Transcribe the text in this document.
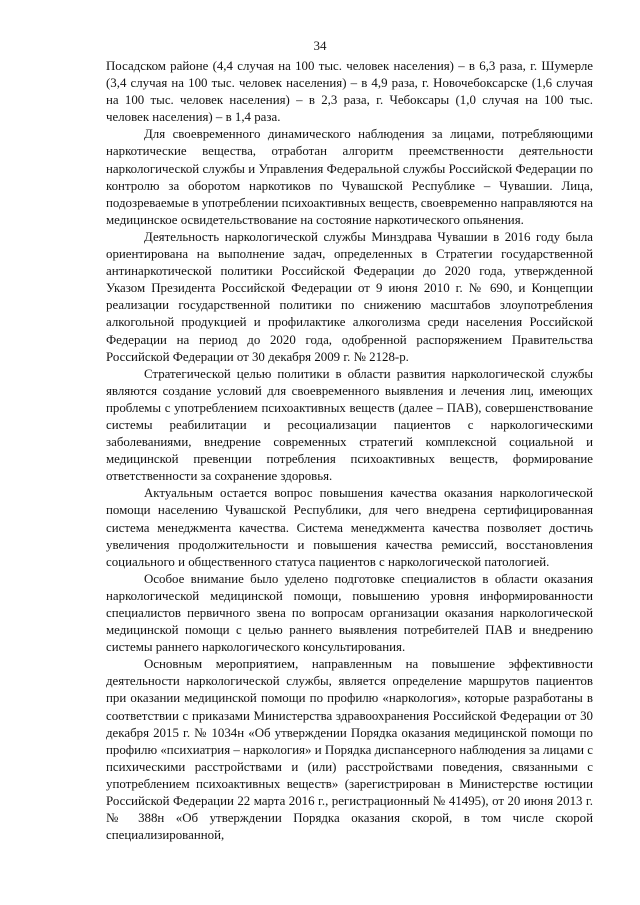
34

Посадском районе (4,4 случая на 100 тыс. человек населения) – в 6,3 раза, г. Шумерле (3,4 случая на 100 тыс. человек населения) – в 4,9 раза, г. Новочебоксарске (1,6 случая на 100 тыс. человек населения) – в 2,3 раза, г. Чебоксары (1,0 случая на 100 тыс. человек населения) – в 1,4 раза.

Для своевременного динамического наблюдения за лицами, потребляющими наркотические вещества, отработан алгоритм преемственности деятельности наркологической службы и Управления Федеральной службы Российской Федерации по контролю за оборотом наркотиков по Чувашской Республике – Чувашии. Лица, подозреваемые в употреблении психоактивных веществ, своевременно направляются на медицинское освидетельствование на состояние наркотического опьянения.

Деятельность наркологической службы Минздрава Чувашии в 2016 году была ориентирована на выполнение задач, определенных в Стратегии государственной антинаркотической политики Российской Федерации до 2020 года, утвержденной Указом Президента Российской Федерации от 9 июня 2010 г. № 690, и Концепции реализации государственной политики по снижению масштабов злоупотребления алкогольной продукцией и профилактике алкоголизма среди населения Российской Федерации на период до 2020 года, одобренной распоряжением Правительства Российской Федерации от 30 декабря 2009 г. № 2128-р.

Стратегической целью политики в области развития наркологической службы являются создание условий для своевременного выявления и лечения лиц, имеющих проблемы с употреблением психоактивных веществ (далее – ПАВ), совершенствование системы реабилитации и ресоциализации пациентов с наркологическими заболеваниями, внедрение современных стратегий комплексной социальной и медицинской превенции потребления психоактивных веществ, формирование ответственности за сохранение здоровья.

Актуальным остается вопрос повышения качества оказания наркологической помощи населению Чувашской Республики, для чего внедрена сертифицированная система менеджмента качества. Система менеджмента качества позволяет достичь увеличения продолжительности и повышения качества ремиссий, восстановления социального и общественного статуса пациентов с наркологической патологией.

Особое внимание было уделено подготовке специалистов в области оказания наркологической медицинской помощи, повышению уровня информированности специалистов первичного звена по вопросам организации оказания наркологической медицинской помощи с целью раннего выявления потребителей ПАВ и внедрению системы раннего наркологического консультирования.

Основным мероприятием, направленным на повышение эффективности деятельности наркологической службы, является определение маршрутов пациентов при оказании медицинской помощи по профилю «наркология», которые разработаны в соответствии с приказами Министерства здравоохранения Российской Федерации от 30 декабря 2015 г. № 1034н «Об утверждении Порядка оказания медицинской помощи по профилю «психиатрия – наркология» и Порядка диспансерного наблюдения за лицами с психическими расстройствами и (или) расстройствами поведения, связанными с употреблением психоактивных веществ» (зарегистрирован в Министерстве юстиции Российской Федерации 22 марта 2016 г., регистрационный № 41495), от 20 июня 2013 г. № 388н «Об утверждении Порядка оказания скорой, в том числе скорой специализированной,
